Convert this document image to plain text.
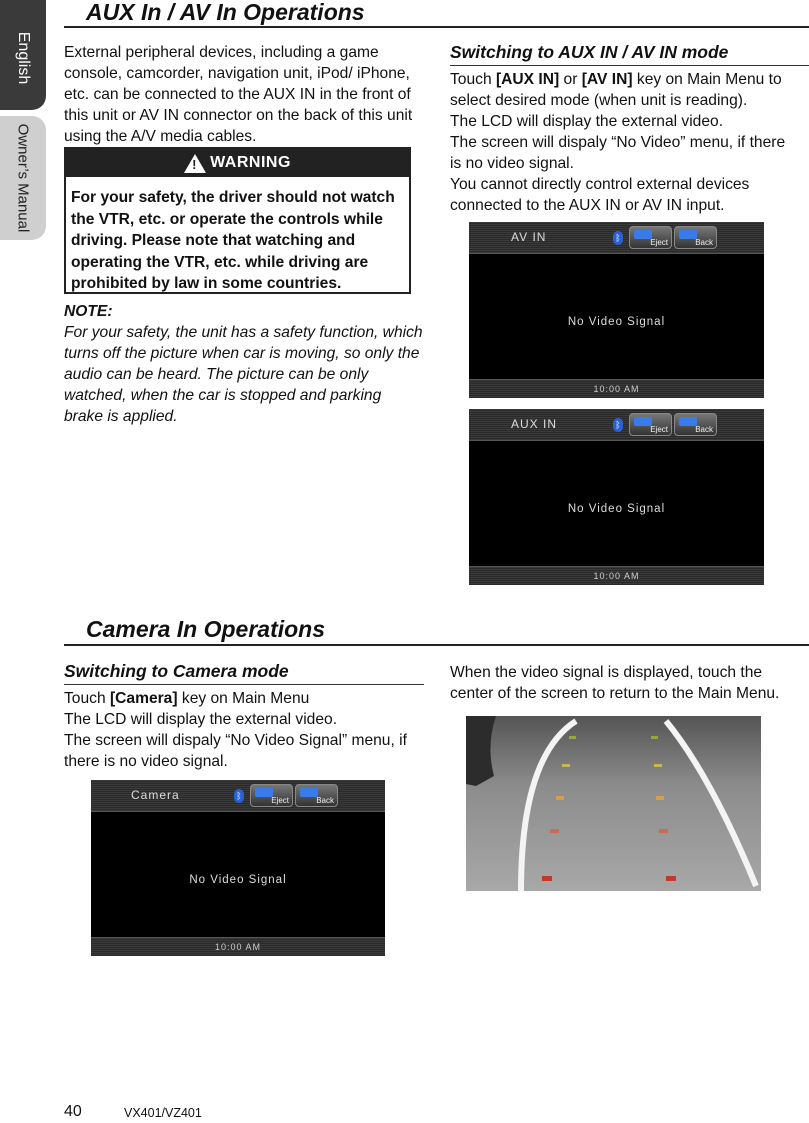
English
Owner’s Manual
AUX In / AV In Operations
External peripheral devices, including a game console, camcorder, navigation unit, iPod/ iPhone, etc. can be connected to the AUX IN in the front of this unit or AV IN connector on the back of this unit using the A/V media cables.
!
WARNING
For your safety, the driver should not watch the VTR, etc. or operate the controls while driving. Please note that watching and operating the VTR, etc. while driving are prohibited by law in some countries.
NOTE:
For your safety, the unit has a safety function, which turns off the picture when car is moving, so only the audio can be heard. The picture can be only watched, when the car is stopped and parking brake is applied.
Switching to AUX IN / AV IN mode
Touch [AUX IN] or [AV IN] key on Main Menu to select desired mode (when unit is reading).
The LCD will display the external video.
The screen will dispaly “No Video” menu, if there is no video signal.
You cannot directly control external devices connected to the AUX IN or AV IN input.
AV IN	ᛒ	Eject	Back
No Video Signal
10:00 AM
AUX IN	ᛒ	Eject	Back
No Video Signal
10:00 AM
Camera In Operations
Switching to Camera mode
Touch [Camera] key on Main Menu
The LCD will display the external video.
The screen will dispaly “No Video Signal” menu, if there is no video signal.
When the video signal is displayed, touch the center of the screen to return to the Main Menu.
Camera	ᛒ	Eject	Back
No Video Signal
10:00 AM
40	VX401/VZ401
